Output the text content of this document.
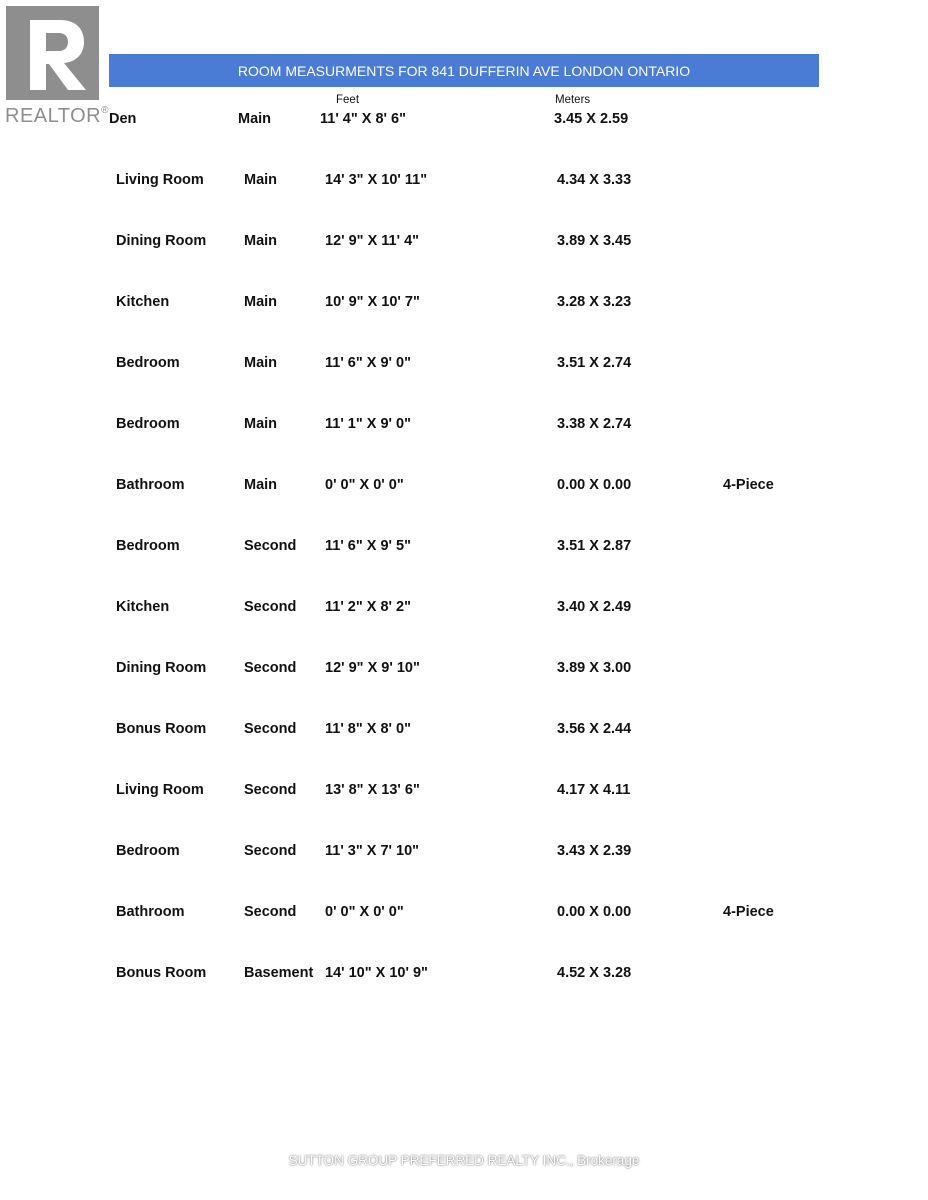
REALTOR®
ROOM MEASURMENTS FOR 841 DUFFERIN AVE LONDON ONTARIO
Feet	Meters
Den	Main	11' 4" X 8' 6"	3.45 X 2.59
Living Room	Main	14' 3" X 10' 11"	4.34 X 3.33
Dining Room	Main	12' 9" X 11' 4"	3.89 X 3.45
Kitchen	Main	10' 9" X 10' 7"	3.28 X 3.23
Bedroom	Main	11' 6" X 9' 0"	3.51 X 2.74
Bedroom	Main	11' 1" X 9' 0"	3.38 X 2.74
Bathroom	Main	0' 0" X 0' 0"	0.00 X 0.00	4-Piece
Bedroom	Second 11' 6" X 9' 5"	3.51 X 2.87
Kitchen	Second 11' 2" X 8' 2"	3.40 X 2.49
Dining Room	Second 12' 9" X 9' 10"	3.89 X 3.00
Bonus Room	Second 11' 8" X 8' 0"	3.56 X 2.44
Living Room	Second 13' 8" X 13' 6"	4.17 X 4.11
Bedroom	Second 11' 3" X 7' 10"	3.43 X 2.39
Bathroom	Second 0' 0" X 0' 0"	0.00 X 0.00	4-Piece
Bonus Room	Basement 14' 10" X 10' 9"	4.52 X 3.28
SUTTON GROUP PREFERRED REALTY INC., Brokerage
